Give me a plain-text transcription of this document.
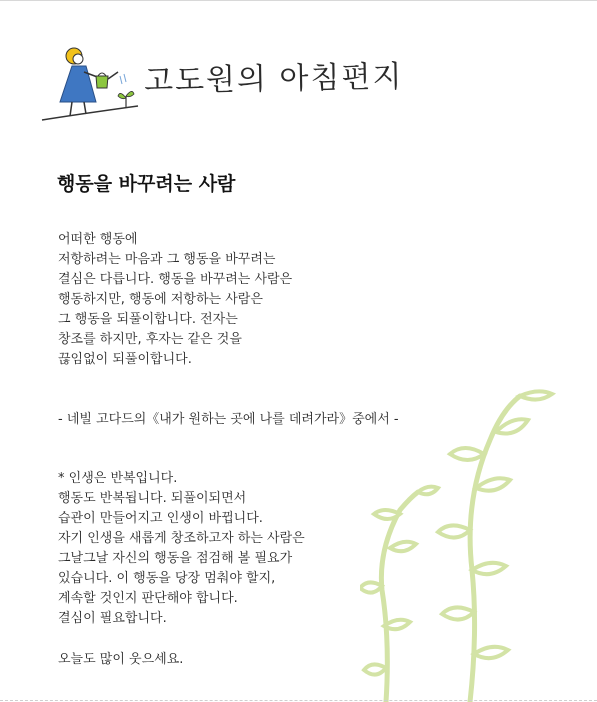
고도원의 아침편지
행동을 바꾸려는 사람
어떠한 행동에
저항하려는 마음과 그 행동을 바꾸려는
결심은 다릅니다. 행동을 바꾸려는 사람은
행동하지만, 행동에 저항하는 사람은
그 행동을 되풀이합니다. 전자는
창조를 하지만, 후자는 같은 것을
끊임없이 되풀이합니다.
- 네빌 고다드의《내가 원하는 곳에 나를 데려가라》중에서 -
* 인생은 반복입니다.
행동도 반복됩니다. 되풀이되면서
습관이 만들어지고 인생이 바뀝니다.
자기 인생을 새롭게 창조하고자 하는 사람은
그날그날 자신의 행동을 점검해 볼 필요가
있습니다. 이 행동을 당장 멈춰야 할지,
계속할 것인지 판단해야 합니다.
결심이 필요합니다.
오늘도 많이 웃으세요.
